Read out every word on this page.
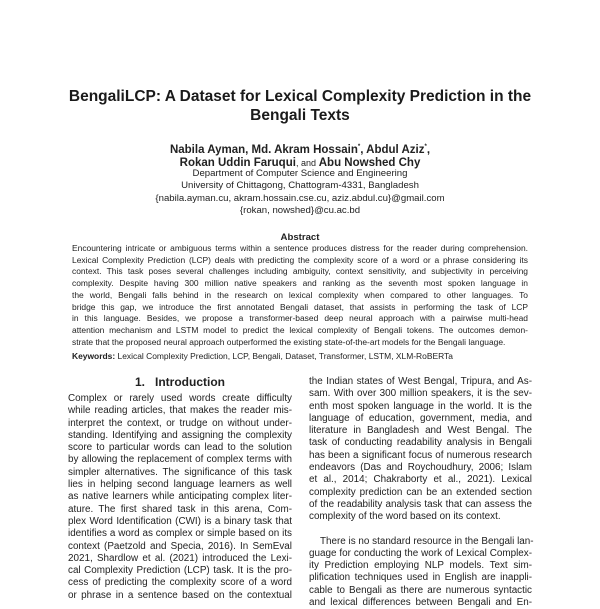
BengaliLCP: A Dataset for Lexical Complexity Prediction in the
Bengali Texts
Nabila Ayman, Md. Akram Hossain*, Abdul Aziz*,
Rokan Uddin Faruqui, and Abu Nowshed Chy
Department of Computer Science and Engineering
University of Chittagong, Chattogram-4331, Bangladesh
{nabila.ayman.cu, akram.hossain.cse.cu, aziz.abdul.cu}@gmail.com
{rokan, nowshed}@cu.ac.bd
Abstract
Encountering intricate or ambiguous terms within a sentence produces distress for the reader during comprehension.
Lexical Complexity Prediction (LCP) deals with predicting the complexity score of a word or a phrase considering its
context. This task poses several challenges including ambiguity, context sensitivity, and subjectivity in perceiving
complexity. Despite having 300 million native speakers and ranking as the seventh most spoken language in
the world, Bengali falls behind in the research on lexical complexity when compared to other languages. To
bridge this gap, we introduce the first annotated Bengali dataset, that assists in performing the task of LCP
in this language. Besides, we propose a transformer-based deep neural approach with a pairwise multi-head
attention mechanism and LSTM model to predict the lexical complexity of Bengali tokens. The outcomes demon-
strate that the proposed neural approach outperformed the existing state-of-the-art models for the Bengali language.
Keywords: Lexical Complexity Prediction, LCP, Bengali, Dataset, Transformer, LSTM, XLM-RoBERTa
1.   Introduction
Complex or rarely used words create difficulty
while reading articles, that makes the reader mis-
interpret the context, or trudge on without under-
standing. Identifying and assigning the complexity
score to particular words can lead to the solution
by allowing the replacement of complex terms with
simpler alternatives. The significance of this task
lies in helping second language learners as well
as native learners while anticipating complex liter-
ature. The first shared task in this arena, Com-
plex Word Identification (CWI) is a binary task that
identifies a word as complex or simple based on its
context (Paetzold and Specia, 2016). In SemEval
2021, Shardlow et al. (2021) introduced the Lexi-
cal Complexity Prediction (LCP) task. It is the pro-
cess of predicting the complexity score of a word
or phrase in a sentence based on the contextual
the Indian states of West Bengal, Tripura, and As-
sam. With over 300 million speakers, it is the sev-
enth most spoken language in the world. It is the
language of education, government, media, and
literature in Bangladesh and West Bengal. The
task of conducting readability analysis in Bengali
has been a significant focus of numerous research
endeavors (Das and Roychoudhury, 2006; Islam
et al., 2014; Chakraborty et al., 2021). Lexical
complexity prediction can be an extended section
of the readability analysis task that can assess the
complexity of the word based on its context.
There is no standard resource in the Bengali lan-
guage for conducting the work of Lexical Complex-
ity Prediction employing NLP models. Text sim-
plification techniques used in English are inappli-
cable to Bengali as there are numerous syntactic
and lexical differences between Bengali and En-
